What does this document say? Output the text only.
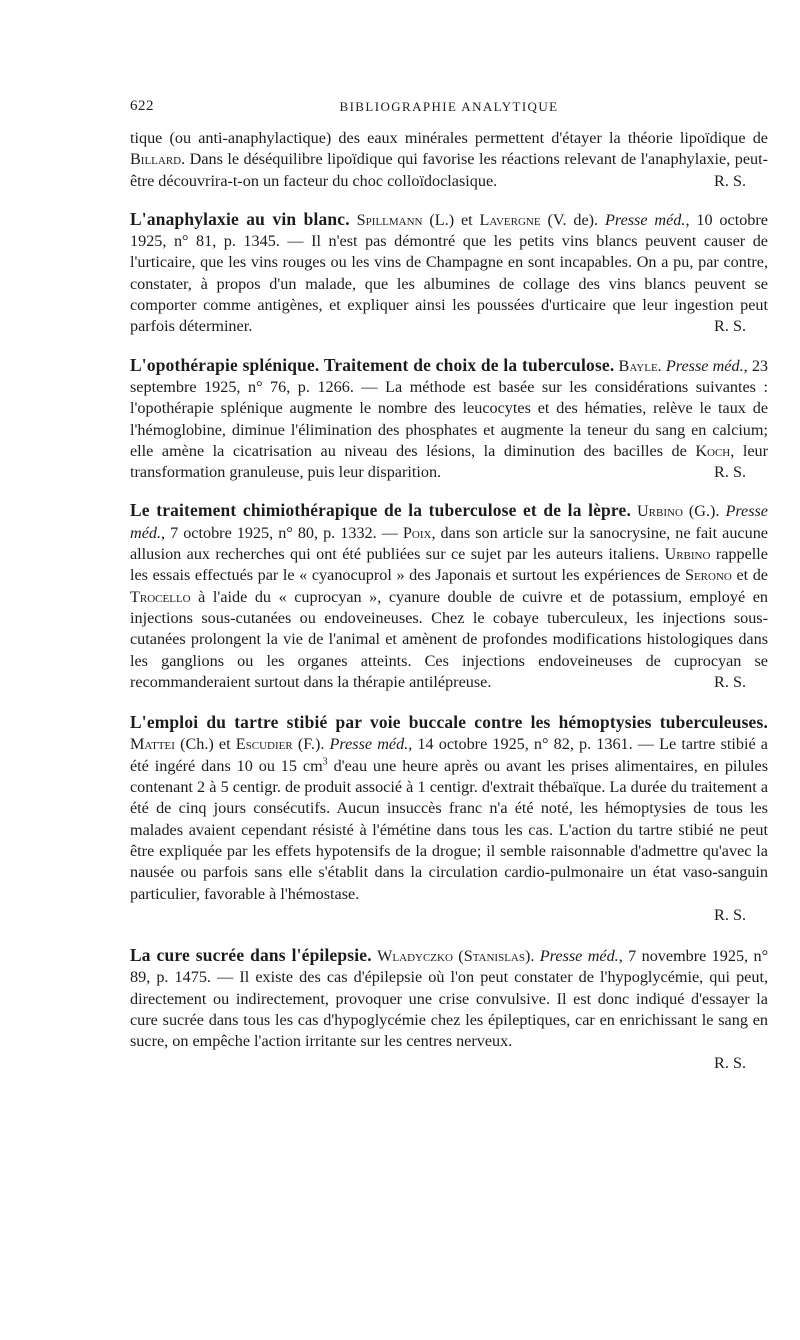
622	BIBLIOGRAPHIE ANALYTIQUE

tique (ou anti-anaphylactique) des eaux minérales permettent d'étayer la théorie lipoïdique de Billard. Dans le déséquilibre lipoïdique qui favorise les réactions relevant de l'anaphylaxie, peut-être découvrira-t-on un facteur du choc colloïdoclasique.	R. S.

L'anaphylaxie au vin blanc. Spillmann (L.) et Lavergne (V. de). Presse méd., 10 octobre 1925, n° 81, p. 1345. — Il n'est pas démontré que les petits vins blancs peuvent causer de l'urticaire, que les vins rouges ou les vins de Champagne en sont incapables. On a pu, par contre, constater, à propos d'un malade, que les albumines de collage des vins blancs peuvent se comporter comme antigènes, et expliquer ainsi les poussées d'urticaire que leur ingestion peut parfois déterminer.	R. S.

L'opothérapie splénique. Traitement de choix de la tuberculose. Bayle. Presse méd., 23 septembre 1925, n° 76, p. 1266. — La méthode est basée sur les considérations suivantes : l'opothérapie splénique augmente le nombre des leucocytes et des hématies, relève le taux de l'hémoglobine, diminue l'élimination des phosphates et augmente la teneur du sang en calcium; elle amène la cicatrisation au niveau des lésions, la diminution des bacilles de Koch, leur transformation granuleuse, puis leur disparition.	R. S.

Le traitement chimiothérapique de la tuberculose et de la lèpre. Urbino (G.). Presse méd., 7 octobre 1925, n° 80, p. 1332. — Poix, dans son article sur la sanocrysine, ne fait aucune allusion aux recherches qui ont été publiées sur ce sujet par les auteurs italiens. Urbino rappelle les essais effectués par le « cyanocuprol » des Japonais et surtout les expériences de Serono et de Trocello à l'aide du « cuprocyan », cyanure double de cuivre et de potassium, employé en injections sous-cutanées ou endoveineuses. Chez le cobaye tuberculeux, les injections sous-cutanées prolongent la vie de l'animal et amènent de profondes modifications histologiques dans les ganglions ou les organes atteints. Ces injections endoveineuses de cuprocyan se recommanderaient surtout dans la thérapie antilépreuse.	R. S.

L'emploi du tartre stibié par voie buccale contre les hémoptysies tuberculeuses. Mattei (Ch.) et Escudier (F.). Presse méd., 14 octobre 1925, n° 82, p. 1361. — Le tartre stibié a été ingéré dans 10 ou 15 $cm^3$ d'eau une heure après ou avant les prises alimentaires, en pilules contenant 2 à 5 centigr. de produit associé à 1 centigr. d'extrait thébaïque. La durée du traitement a été de cinq jours consécutifs. Aucun insuccès franc n'a été noté, les hémoptysies de tous les malades avaient cependant résisté à l'émétine dans tous les cas. L'action du tartre stibié ne peut être expliquée par les effets hypotensifs de la drogue; il semble raisonnable d'admettre qu'avec la nausée ou parfois sans elle s'établit dans la circulation cardio-pulmonaire un état vaso-sanguin particulier, favorable à l'hémostase.

R. S.

La cure sucrée dans l'épilepsie. Wladyczko (Stanislas). Presse méd., 7 novembre 1925, n° 89, p. 1475. — Il existe des cas d'épilepsie où l'on peut constater de l'hypoglycémie, qui peut, directement ou indirectement, provoquer une crise convulsive. Il est donc indiqué d'essayer la cure sucrée dans tous les cas d'hypoglycémie chez les épileptiques, car en enrichissant le sang en sucre, on empêche l'action irritante sur les centres nerveux.

R. S.
